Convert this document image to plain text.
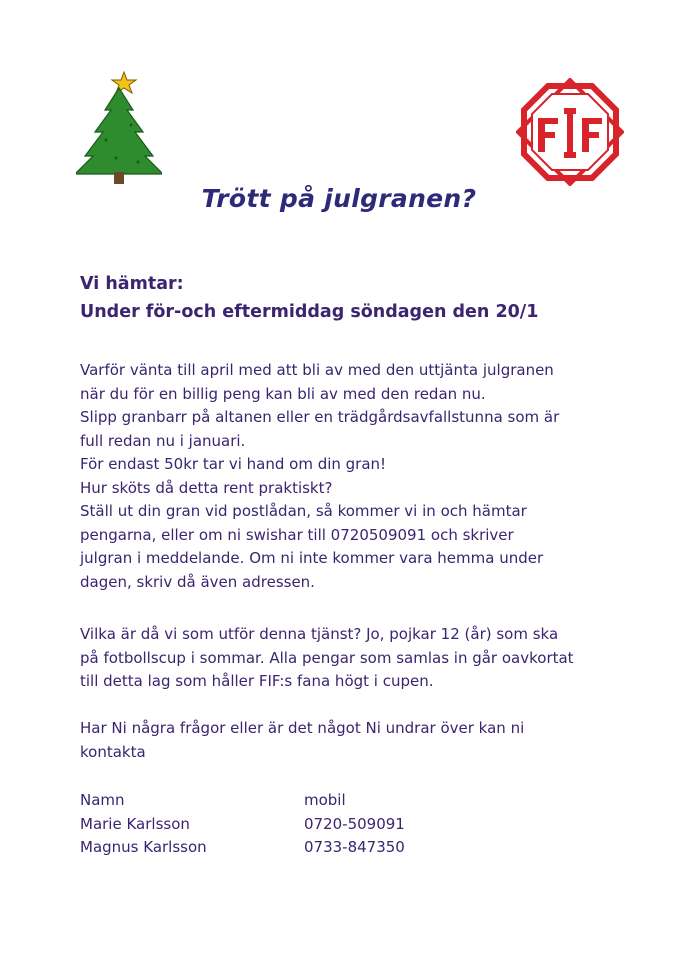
Trött på julgranen?
Vi hämtar:
Under för-och eftermiddag söndagen den 20/1
Varför vänta till april med att bli av med den uttjänta julgranen
när du för en billig peng kan bli av med den redan nu.
Slipp granbarr på altanen eller en trädgårdsavfallstunna som är
full redan nu i januari.
För endast 50kr tar vi hand om din gran!
Hur sköts då detta rent praktiskt?
Ställ ut din gran vid postlådan, så kommer vi in och hämtar
pengarna, eller om ni swishar till 0720509091 och skriver
julgran i meddelande. Om ni inte kommer vara hemma under
dagen, skriv då även adressen.
Vilka är då vi som utför denna tjänst? Jo, pojkar 12 (år) som ska
på fotbollscup i sommar. Alla pengar som samlas in går oavkortat
till detta lag som håller FIF:s fana högt i cupen.
Har Ni några frågor eller är det något Ni undrar över kan ni
kontakta
Namn	mobil
Marie Karlsson	0720-509091
Magnus Karlsson	0733-847350
